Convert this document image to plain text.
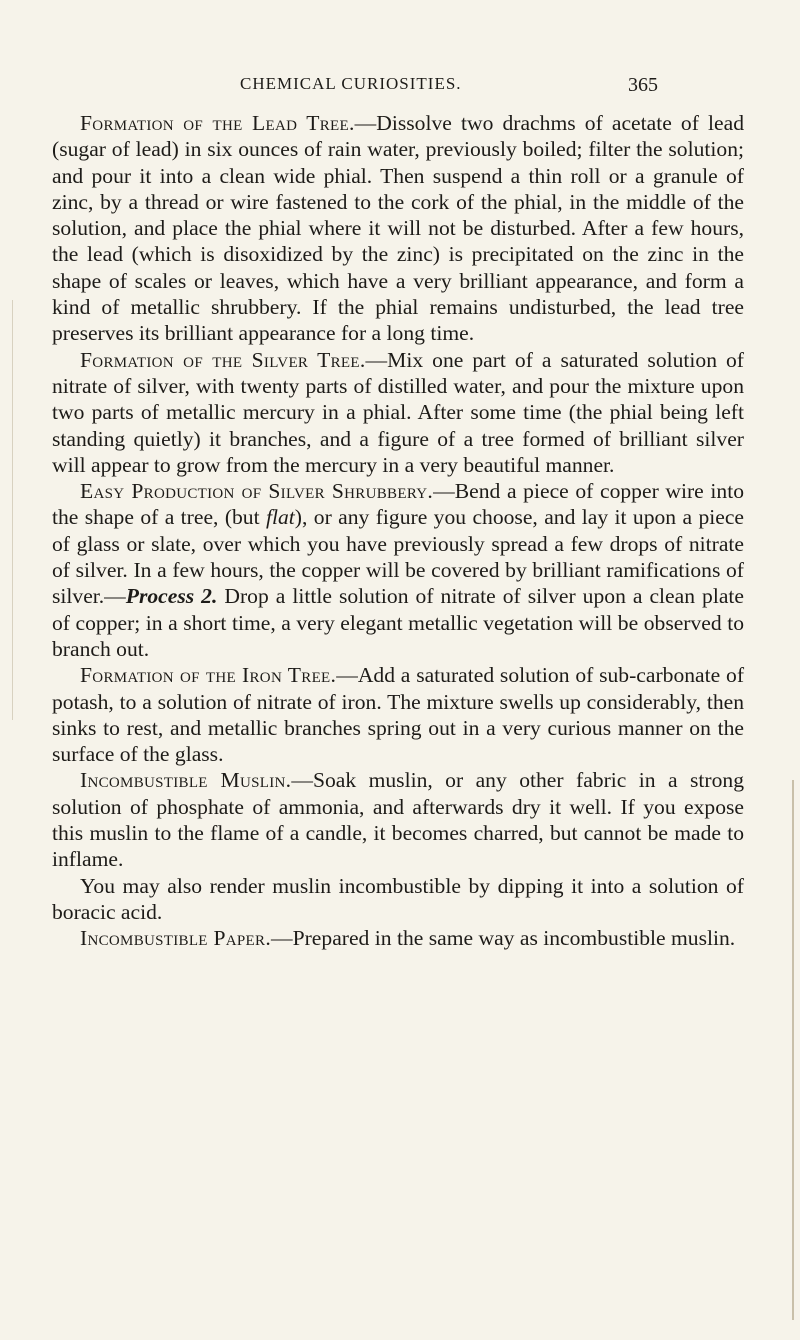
CHEMICAL CURIOSITIES.	365

Formation of the Lead Tree.—Dissolve two drachms of acetate of lead (sugar of lead) in six ounces of rain water, previously boiled; filter the solution; and pour it into a clean wide phial. Then suspend a thin roll or a granule of zinc, by a thread or wire fastened to the cork of the phial, in the middle of the solution, and place the phial where it will not be disturbed. After a few hours, the lead (which is disoxidized by the zinc) is precipitated on the zinc in the shape of scales or leaves, which have a very brilliant appearance, and form a kind of metallic shrubbery. If the phial remains undisturbed, the lead tree preserves its brilliant appearance for a long time.

Formation of the Silver Tree.—Mix one part of a saturated solution of nitrate of silver, with twenty parts of distilled water, and pour the mixture upon two parts of metallic mercury in a phial. After some time (the phial being left standing quietly) it branches, and a figure of a tree formed of brilliant silver will appear to grow from the mercury in a very beautiful manner.

Easy Production of Silver Shrubbery.—Bend a piece of copper wire into the shape of a tree, (but flat), or any figure you choose, and lay it upon a piece of glass or slate, over which you have previously spread a few drops of nitrate of silver. In a few hours, the copper will be covered by brilliant ramifications of silver.—Process 2. Drop a little solution of nitrate of silver upon a clean plate of copper; in a short time, a very elegant metallic vegetation will be observed to branch out.

Formation of the Iron Tree.—Add a saturated solution of sub-carbonate of potash, to a solution of nitrate of iron. The mixture swells up considerably, then sinks to rest, and metallic branches spring out in a very curious manner on the surface of the glass.

Incombustible Muslin.—Soak muslin, or any other fabric in a strong solution of phosphate of ammonia, and afterwards dry it well. If you expose this muslin to the flame of a candle, it becomes charred, but cannot be made to inflame.

You may also render muslin incombustible by dipping it into a solution of boracic acid.

Incombustible Paper.—Prepared in the same way as incombustible muslin.
